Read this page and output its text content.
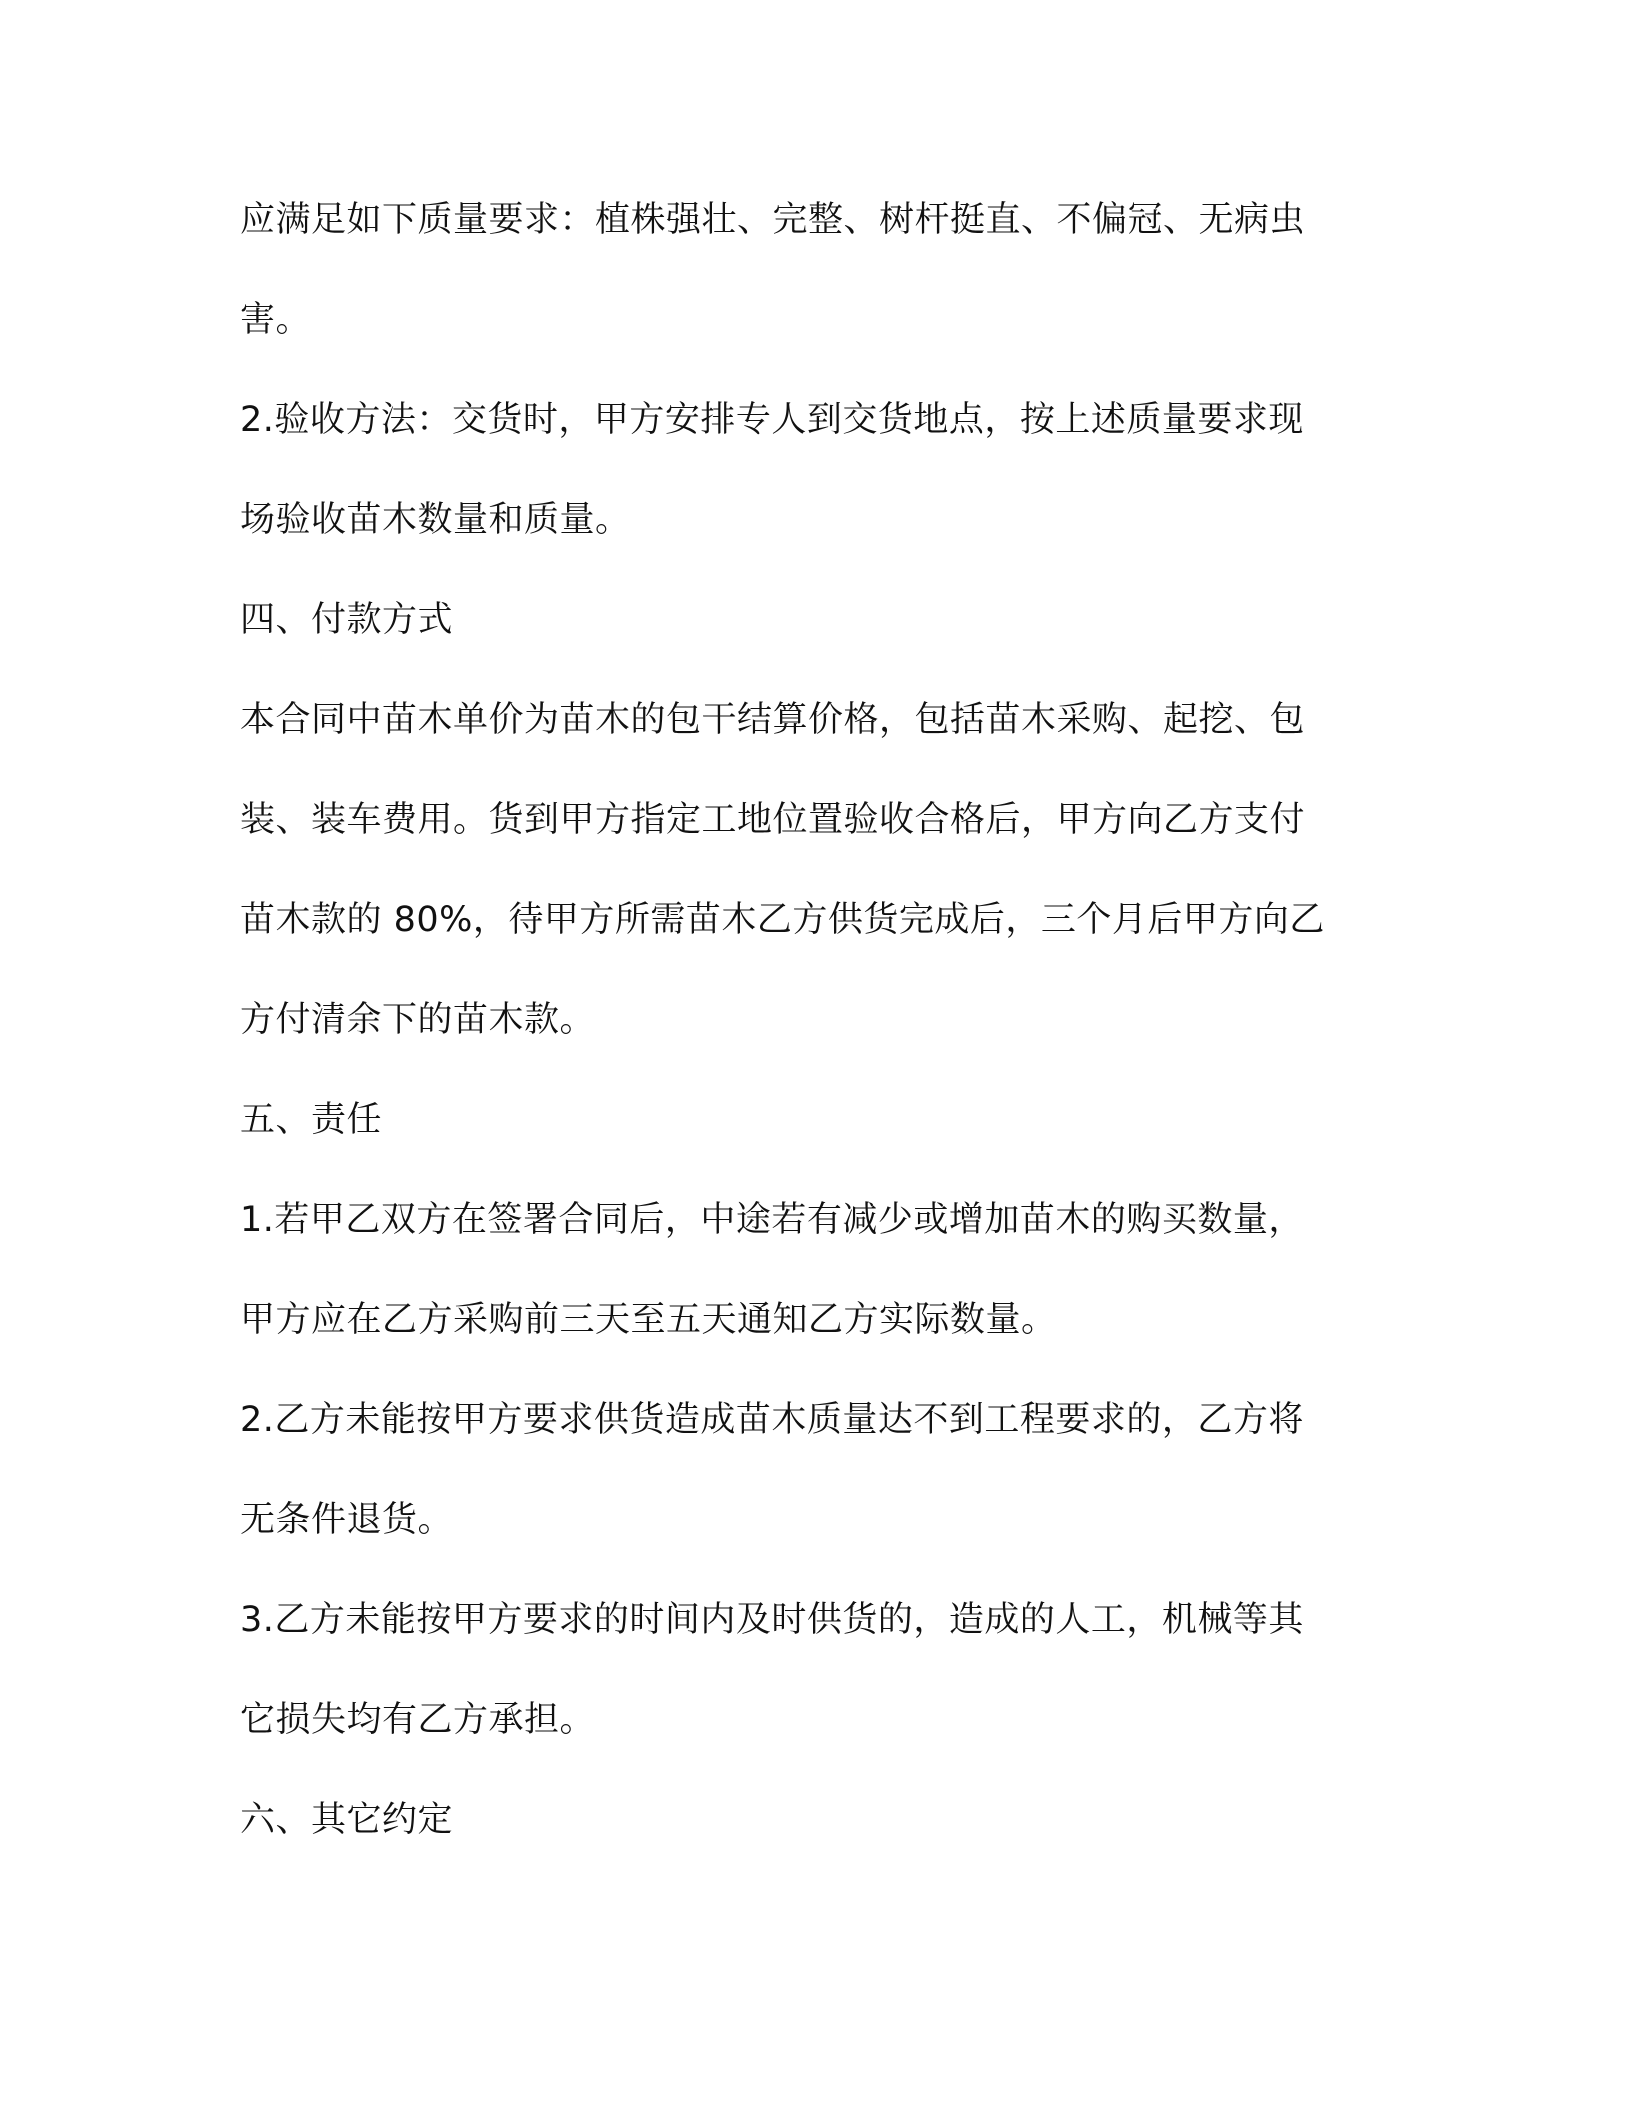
应满足如下质量要求：植株强壮、完整、树杆挺直、不偏冠、无病虫

害。

2.验收方法：交货时，甲方安排专人到交货地点，按上述质量要求现

场验收苗木数量和质量。

四、付款方式

本合同中苗木单价为苗木的包干结算价格，包括苗木采购、起挖、包

装、装车费用。货到甲方指定工地位置验收合格后，甲方向乙方支付

苗木款的 80%，待甲方所需苗木乙方供货完成后，三个月后甲方向乙

方付清余下的苗木款。

五、责任

1.若甲乙双方在签署合同后，中途若有减少或增加苗木的购买数量，

甲方应在乙方采购前三天至五天通知乙方实际数量。

2.乙方未能按甲方要求供货造成苗木质量达不到工程要求的，乙方将

无条件退货。

3.乙方未能按甲方要求的时间内及时供货的，造成的人工，机械等其

它损失均有乙方承担。

六、其它约定
